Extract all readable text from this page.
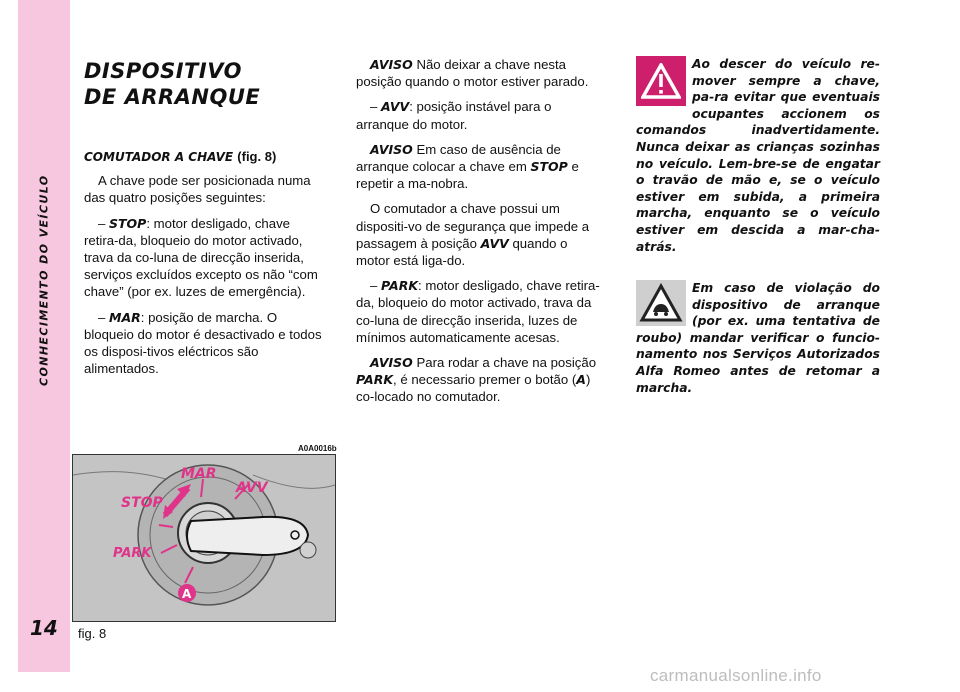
CONHECIMENTO DO VEÍCULO
14
DISPOSITIVO
DE ARRANQUE
COMUTADOR A CHAVE (fig. 8)

A chave pode ser posicionada numa das quatro posições seguintes:

– STOP: motor desligado, chave retira-da, bloqueio do motor activado, trava da co-luna de direcção inserida, serviços excluídos excepto os não “com chave” (por ex. luzes de emergência).

– MAR: posição de marcha. O bloqueio do motor é desactivado e todos os disposi-tivos eléctricos são alimentados.

AVISO Não deixar a chave nesta posição quando o motor estiver parado.

– AVV: posição instável para o arranque do motor.

AVISO Em caso de ausência de arranque colocar a chave em STOP e repetir a ma-nobra.

O comutador a chave possui um dispositi-vo de segurança que impede a passagem à posição AVV quando o motor está liga-do.

– PARK: motor desligado, chave retira-da, bloqueio do motor activado, trava da co-luna de direcção inserida, luzes de mínimos automaticamente acesas.

AVISO Para rodar a chave na posição PARK, é necessario premer o botão (A) co-locado no comutador.

Ao descer do veículo re-mover sempre a chave, pa-ra evitar que eventuais ocupantes accionem os comandos inadvertidamente. Nunca deixar as crianças sozinhas no veículo. Lem-bre-se de engatar o travão de mão e, se o veículo estiver em subida, a primeira marcha, enquanto se o veículo estiver em descida a mar-cha-atrás.
Em caso de violação do dispositivo de arranque (por ex. uma tentativa de roubo) mandar verificar o funcio-namento nos Serviços Autorizados Alfa Romeo antes de retomar a marcha.
A0A0016b
MAR
AVV
STOP
PARK
A
fig. 8
carmanualsonline.info
